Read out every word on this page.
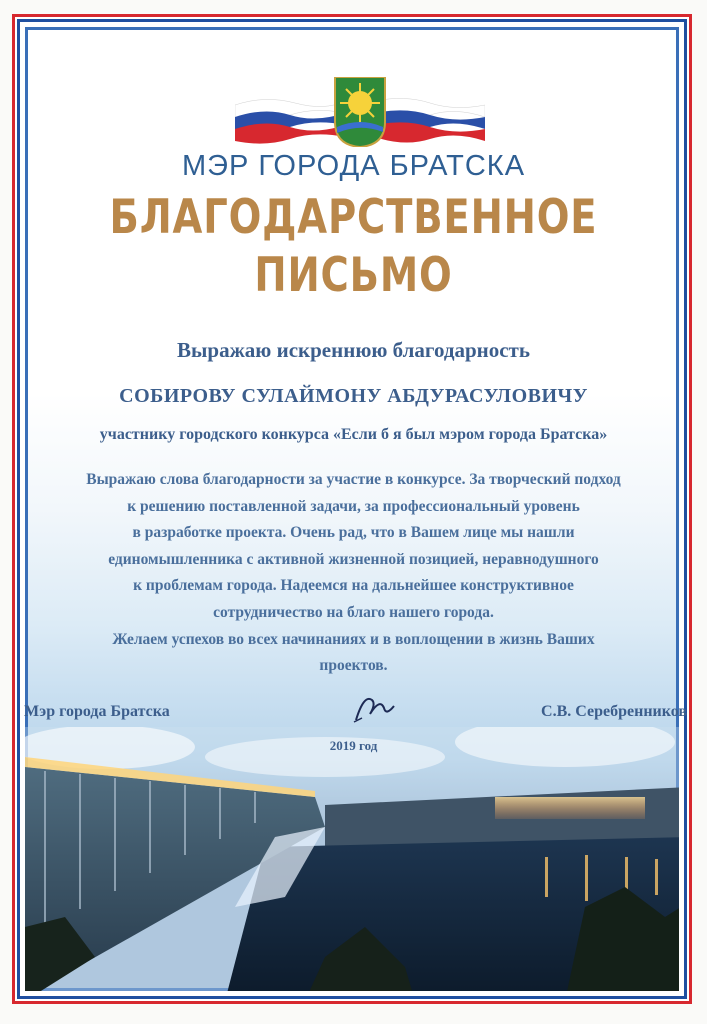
МЭР ГОРОДА БРАТСКА
БЛАГОДАРСТВЕННОЕ
ПИСЬМО
Выражаю искреннюю благодарность
СОБИРОВУ СУЛАЙМОНУ АБДУРАСУЛОВИЧУ
участнику городского конкурса «Если б я был мэром города Братска»
Выражаю слова благодарности за участие в конкурсе. За творческий подход
к решению поставленной задачи, за профессиональный уровень
в разработке проекта. Очень рад, что в Вашем лице мы нашли
единомышленника с активной жизненной позицией, неравнодушного
к проблемам города. Надеемся на дальнейшее конструктивное
сотрудничество на благо нашего города.
Желаем успехов во всех начинаниях и в воплощении в жизнь Ваших
проектов.
Мэр города Братска	С.В. Серебренников
2019 год
